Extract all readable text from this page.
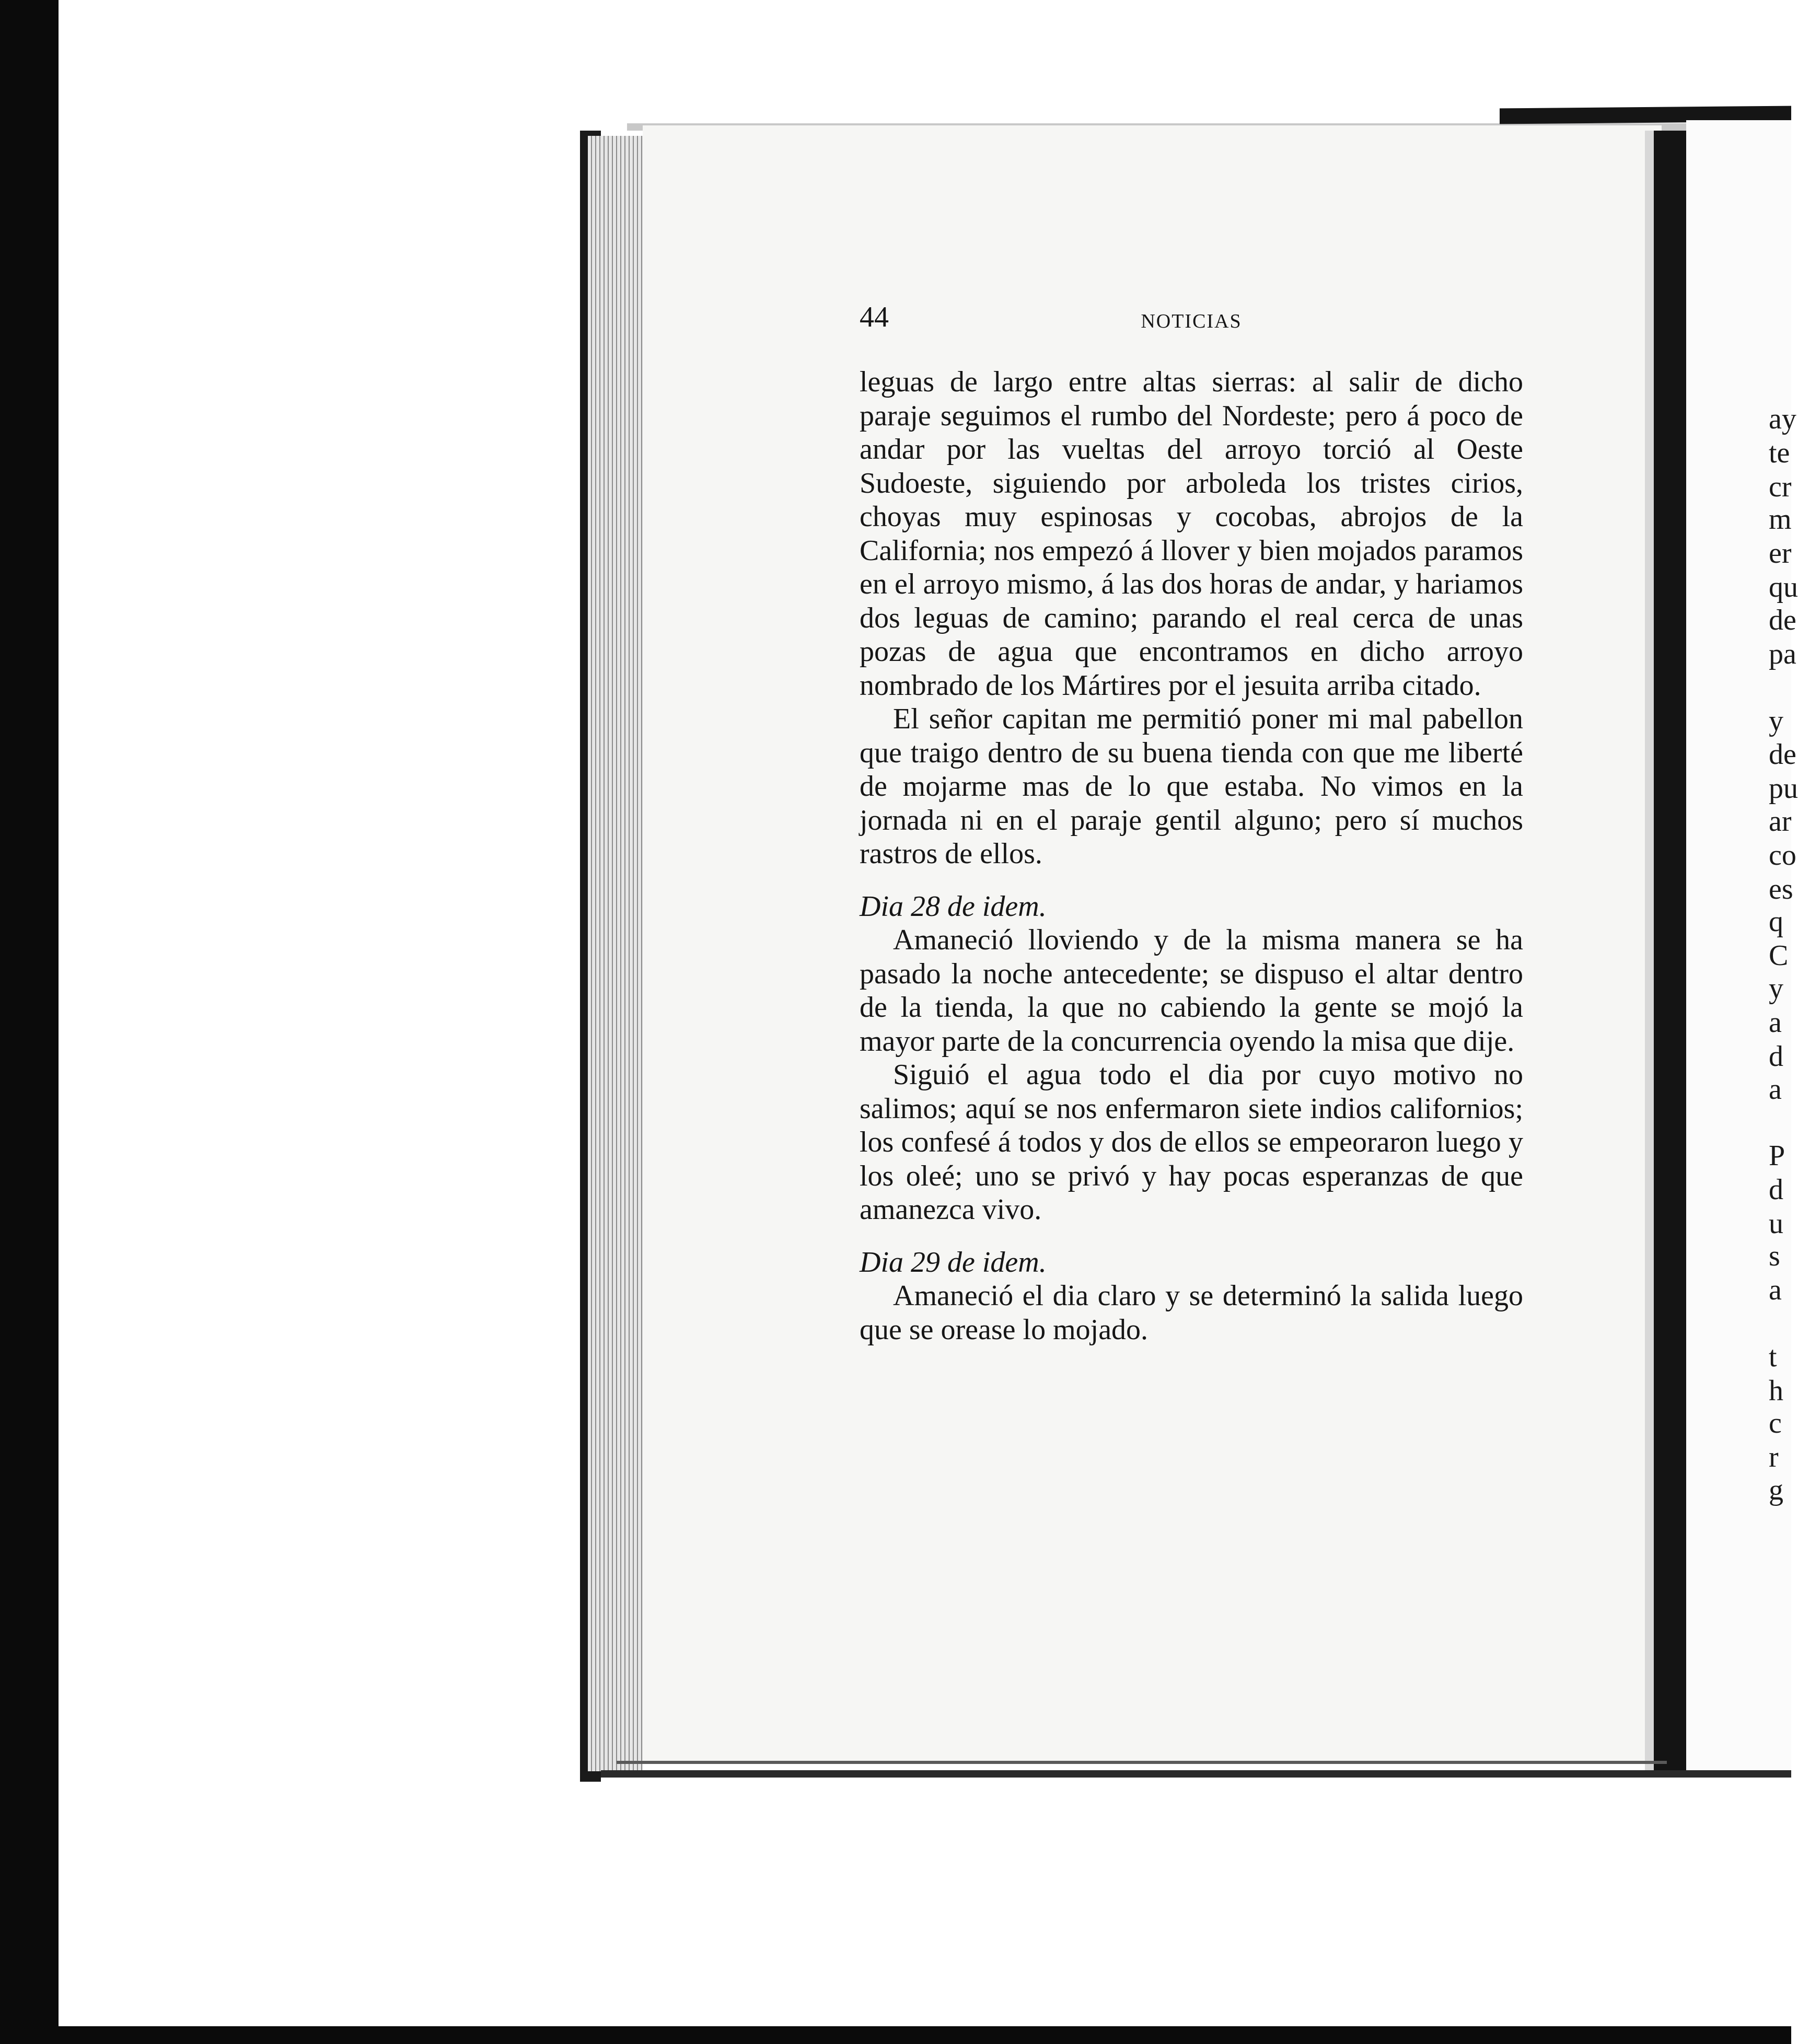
44	NOTICIAS

leguas de largo entre altas sierras: al salir de dicho paraje seguimos el rumbo del Nordeste; pero á poco de andar por las vueltas del arroyo torció al Oeste Sudoeste, siguiendo por arboleda los tristes cirios, choyas muy espinosas y cocobas, abrojos de la California; nos empezó á llover y bien mojados paramos en el arroyo mismo, á las dos horas de andar, y hariamos dos leguas de camino; parando el real cerca de unas pozas de agua que encontramos en dicho arroyo nombrado de los Mártires por el jesuita arriba citado.

El señor capitan me permitió poner mi mal pabellon que traigo dentro de su buena tienda con que me liberté de mojarme mas de lo que estaba. No vimos en la jornada ni en el paraje gentil alguno; pero sí muchos rastros de ellos.

Dia 28 de idem.

Amaneció lloviendo y de la misma manera se ha pasado la noche antecedente; se dispuso el altar dentro de la tienda, la que no cabiendo la gente se mojó la mayor parte de la concurrencia oyendo la misa que dije.

Siguió el agua todo el dia por cuyo motivo no salimos; aquí se nos enfermaron siete indios californios; los confesé á todos y dos de ellos se empeoraron luego y los oleé; uno se privó y hay pocas esperanzas de que amanezca vivo.

Dia 29 de idem.

Amaneció el dia claro y se determinó la salida luego que se orease lo mojado.

ay
te
cr
m
er
qu
de
pa
y
de
pu
ar
co
es
q
C
y
a
d
a
P
d
u
s
a
t
h
c
r
g
